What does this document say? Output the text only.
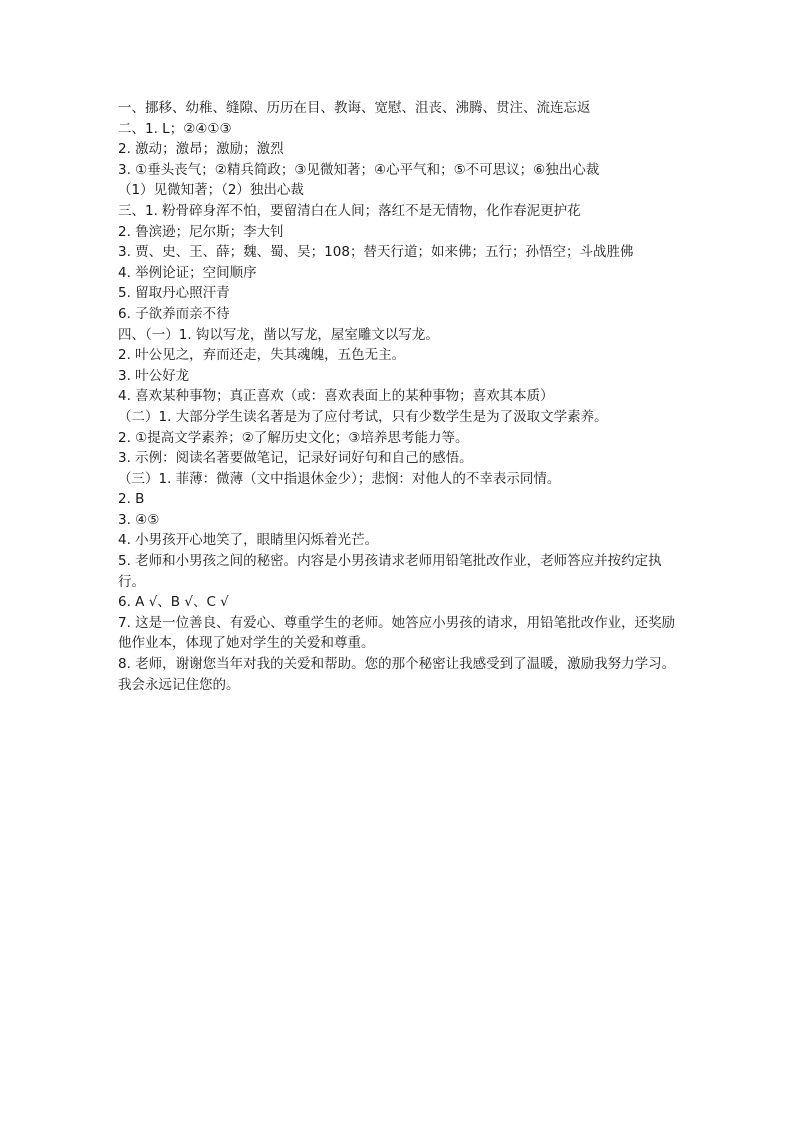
一、挪移、幼稚、缝隙、历历在目、教诲、宽慰、沮丧、沸腾、贯注、流连忘返
二、1. L；②④①③
2. 激动；激昂；激励；激烈
3. ①垂头丧气；②精兵简政；③见微知著；④心平气和；⑤不可思议；⑥独出心裁
（1）见微知著；（2）独出心裁
三、1. 粉骨碎身浑不怕，要留清白在人间；落红不是无情物，化作春泥更护花
2. 鲁滨逊；尼尔斯；李大钊
3. 贾、史、王、薛；魏、蜀、吴；108；替天行道；如来佛；五行；孙悟空；斗战胜佛
4. 举例论证；空间顺序
5. 留取丹心照汗青
6. 子欲养而亲不待
四、（一）1. 钩以写龙，凿以写龙，屋室雕文以写龙。
2. 叶公见之，弃而还走，失其魂魄，五色无主。
3. 叶公好龙
4. 喜欢某种事物；真正喜欢（或：喜欢表面上的某种事物；喜欢其本质）
（二）1. 大部分学生读名著是为了应付考试，只有少数学生是为了汲取文学素养。
2. ①提高文学素养；②了解历史文化；③培养思考能力等。
3. 示例：阅读名著要做笔记，记录好词好句和自己的感悟。
（三）1. 菲薄：微薄（文中指退休金少）；悲悯：对他人的不幸表示同情。
2. B
3. ④⑤
4. 小男孩开心地笑了，眼睛里闪烁着光芒。
5. 老师和小男孩之间的秘密。内容是小男孩请求老师用铅笔批改作业，老师答应并按约定执行。
6. A √、B √、C √
7. 这是一位善良、有爱心、尊重学生的老师。她答应小男孩的请求，用铅笔批改作业，还奖励他作业本，体现了她对学生的关爱和尊重。
8. 老师，谢谢您当年对我的关爱和帮助。您的那个秘密让我感受到了温暖，激励我努力学习。我会永远记住您的。
